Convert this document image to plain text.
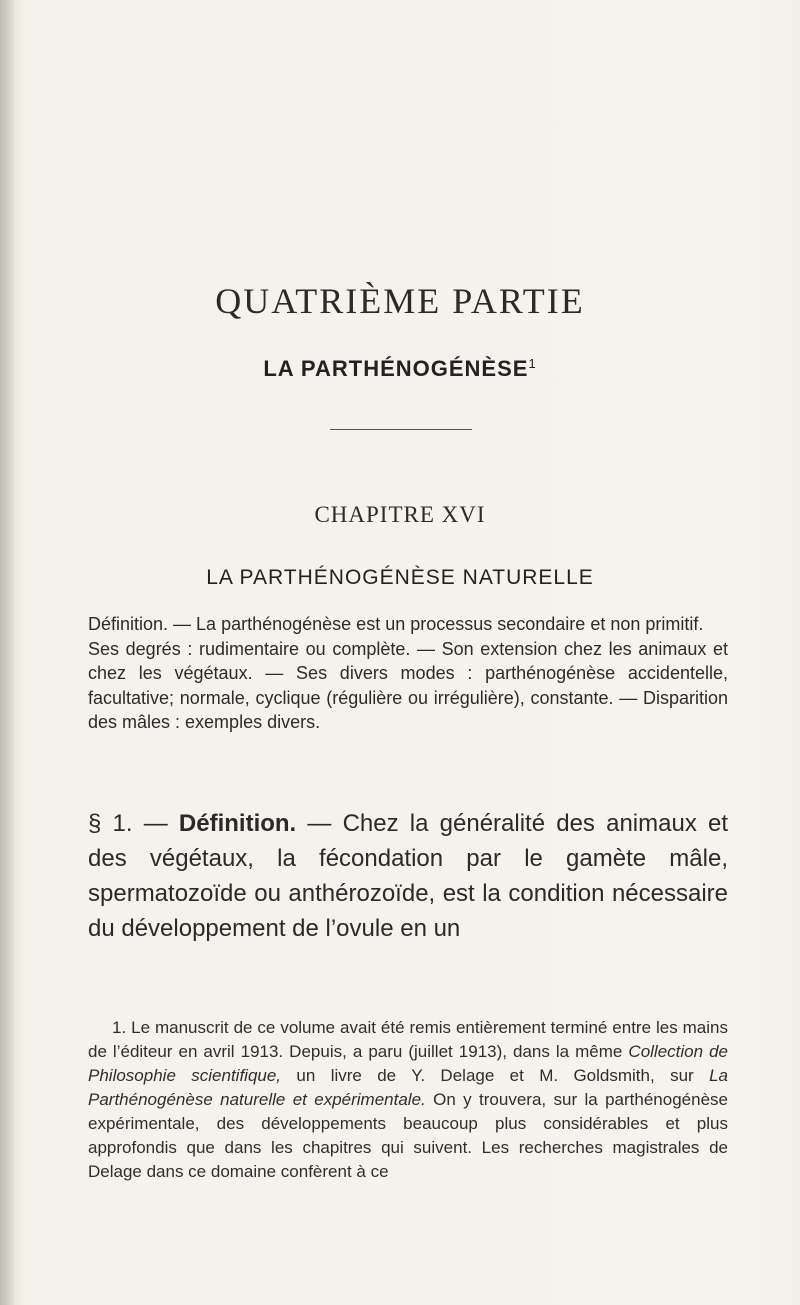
QUATRIÈME PARTIE
LA PARTHÉNOGÉNÈSE$^1$
CHAPITRE XVI
LA PARTHÉNOGÉNÈSE NATURELLE

Définition. — La parthénogénèse est un processus secondaire et non primitif.

Ses degrés : rudimentaire ou complète. — Son extension chez les animaux et chez les végétaux. — Ses divers modes : parthénogénèse accidentelle, facultative; normale, cyclique (régulière ou irrégulière), constante. — Disparition des mâles : exemples divers.

§ 1. — Définition. — Chez la généralité des animaux et des végétaux, la fécondation par le gamète mâle, spermatozoïde ou anthérozoïde, est la condition nécessaire du développement de l’ovule en un

1. Le manuscrit de ce volume avait été remis entièrement terminé entre les mains de l’éditeur en avril 1913. Depuis, a paru (juillet 1913), dans la même Collection de Philosophie scientifique, un livre de Y. Delage et M. Goldsmith, sur La Parthénogénèse naturelle et expérimentale. On y trouvera, sur la parthénogénèse expérimentale, des développements beaucoup plus considérables et plus approfondis que dans les chapitres qui suivent. Les recherches magistrales de Delage dans ce domaine confèrent à ce
